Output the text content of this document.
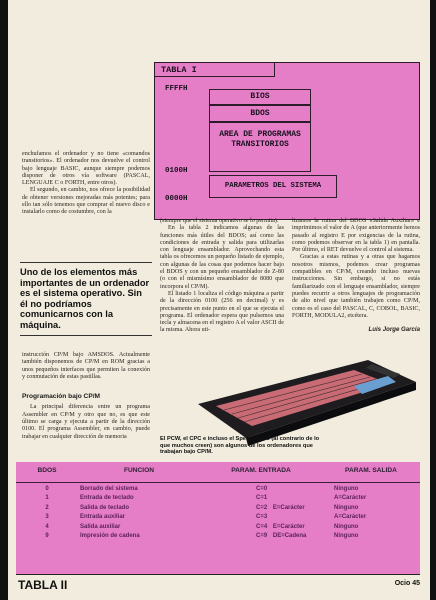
enchufamos el ordenador y no tiene «comandos transitorios». El ordenador nos devuelve el control bajo lenguaje BASIC, aunque siempre podemos disponer de otros vía software (PASCAL, LENGUAJE C o FORTH, entre otros).

El segundo, en cambio, nos ofrece la posibilidad de obtener versiones mejoradas más potentes; para ello tan sólo tenemos que comprar el nuevo disco e instalarlo como de costumbre, con la

Uno de los elementos más importantes de un ordenador es el sistema operativo. Sin él no podríamos comunicarnos con la máquina.

instrucción CP/M bajo AMSDOS. Actualmente también disponemos de CP/M en ROM gracias a unos pequeños interfaces que permiten la conexión y conmutación de estas pastillas.

Programación bajo CP/M

La principal diferencia entre un programa Assembler en CP/M y otro que no, es que este último se carga y ejecuta a partir de la dirección 0100. El programa Assembler, en cambio, puede trabajar en cualquier dirección de memoria

TABLA I
FFFFH
BIOS
BDOS
AREA DE PROGRAMAS TRANSITORIOS
0100H
PARAMETROS DEL SISTEMA
0000H

(siempre que el sistema operativo se lo permita).

En la tabla 2 indicamos algunas de las funciones más útiles del BDOS; así como las condiciones de entrada y salida para utilizarlas con lenguaje ensamblador. Aprovechando esta tabla os ofrecemos un pequeño listado de ejemplo, con algunas de las cosas que podemos hacer bajo el BDOS y con un pequeño ensamblador de Z-80 (o con el mismísimo ensamblador de 8080 que incorpora el CP/M).

El listado 1 localiza el código máquina a partir de la dirección 0100 (256 en decimal) y es precisamente en este punto en el que se ejecuta el programa. El ordenador espera que pulsemos una tecla y almacena en el registro A el valor ASCII de la misma. Ahora uti-

lizamos la rutina del BDOS «Salida Auxiliar» e imprimimos el valor de A (que anteriormente hemos pasado al registro E por exigencias de la rutina, como podemos observar en la tabla 1) en pantalla. Por último, el RET devuelve el control al sistema.

Gracias a estas rutinas y a otras que hagamos nosotros mismos, podemos crear programas compatibles en CP/M, creando incluso nuevas instrucciones. Sin embargo, si no estás familiarizado con el lenguaje ensamblador, siempre puedes recurrir a otros lenguajes de programación de alto nivel que también trabajen como CP/M, como es el caso del PASCAL, C, COBOL, BASIC, FORTH, MODULA2, etcétera.

Luis Jorge García

El PCW, el CPC e incluso el Spectrum +3 (al contrario de lo que muchos creen) son algunos de los ordenadores que trabajan bajo CP/M.
BDOS	FUNCION	PARAM. ENTRADA	PARAM. SALIDA

0	Borrado del sistema	C=0	Ninguno
1	Entrada de teclado	C=1	A=Carácter
2	Salida de teclado	C=2 E=Carácter	Ninguno
3	Entrada auxiliar	C=3	A=Carácter
4	Salida auxiliar	C=4 E=Carácter	Ninguno
9	Impresión de cadena	C=9 DE=Cadena	Ninguno
TABLA II	Ocio 45
